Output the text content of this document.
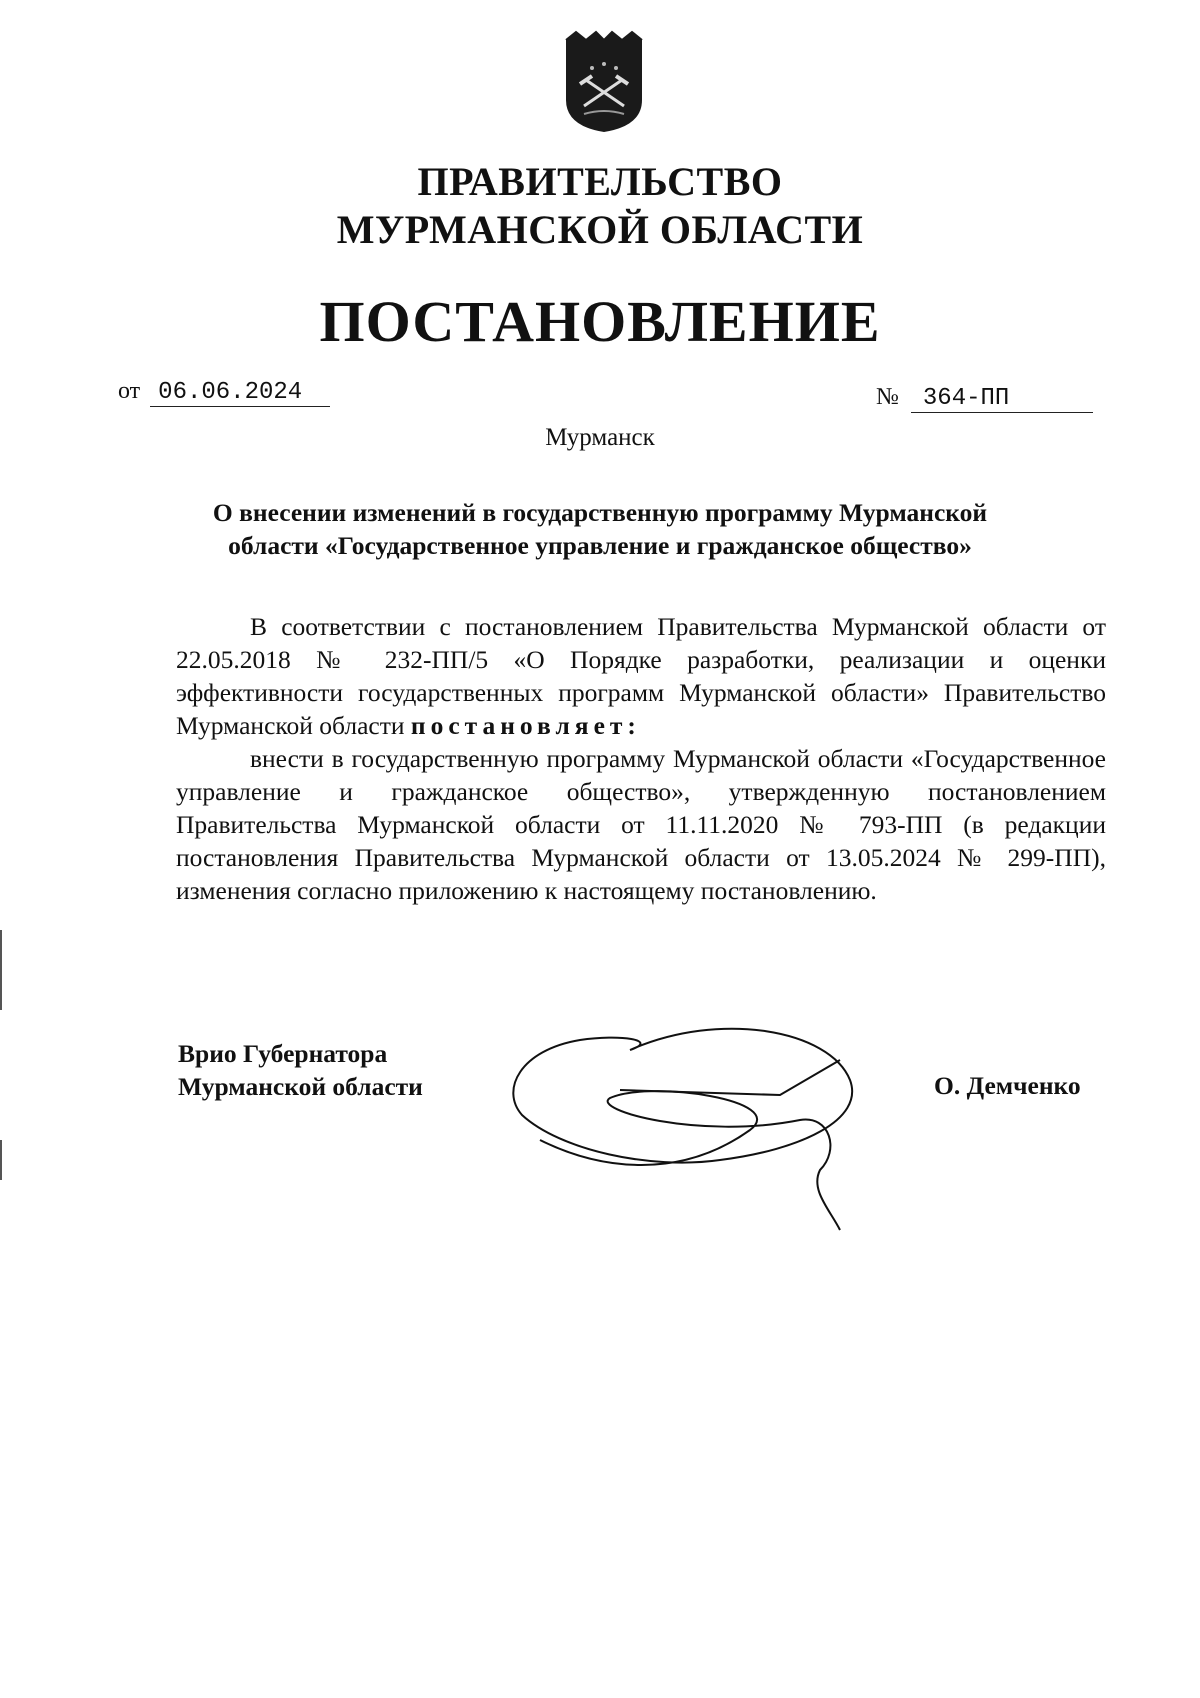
ПРАВИТЕЛЬСТВО
МУРМАНСКОЙ ОБЛАСТИ
ПОСТАНОВЛЕНИЕ
от 06.06.2024	№ 364-ПП
Мурманск
О внесении изменений в государственную программу Мурманской
области «Государственное управление и гражданское общество»

В соответствии с постановлением Правительства Мурманской области от 22.05.2018 № 232-ПП/5 «О Порядке разработки, реализации и оценки эффективности государственных программ Мурманской области» Правительство Мурманской области постановляет:

внести в государственную программу Мурманской области «Государственное управление и гражданское общество», утвержденную постановлением Правительства Мурманской области от 11.11.2020 № 793-ПП (в редакции постановления Правительства Мурманской области от 13.05.2024 № 299-ПП), изменения согласно приложению к настоящему постановлению.

Врио Губернатора
Мурманской области	О. Демченко
